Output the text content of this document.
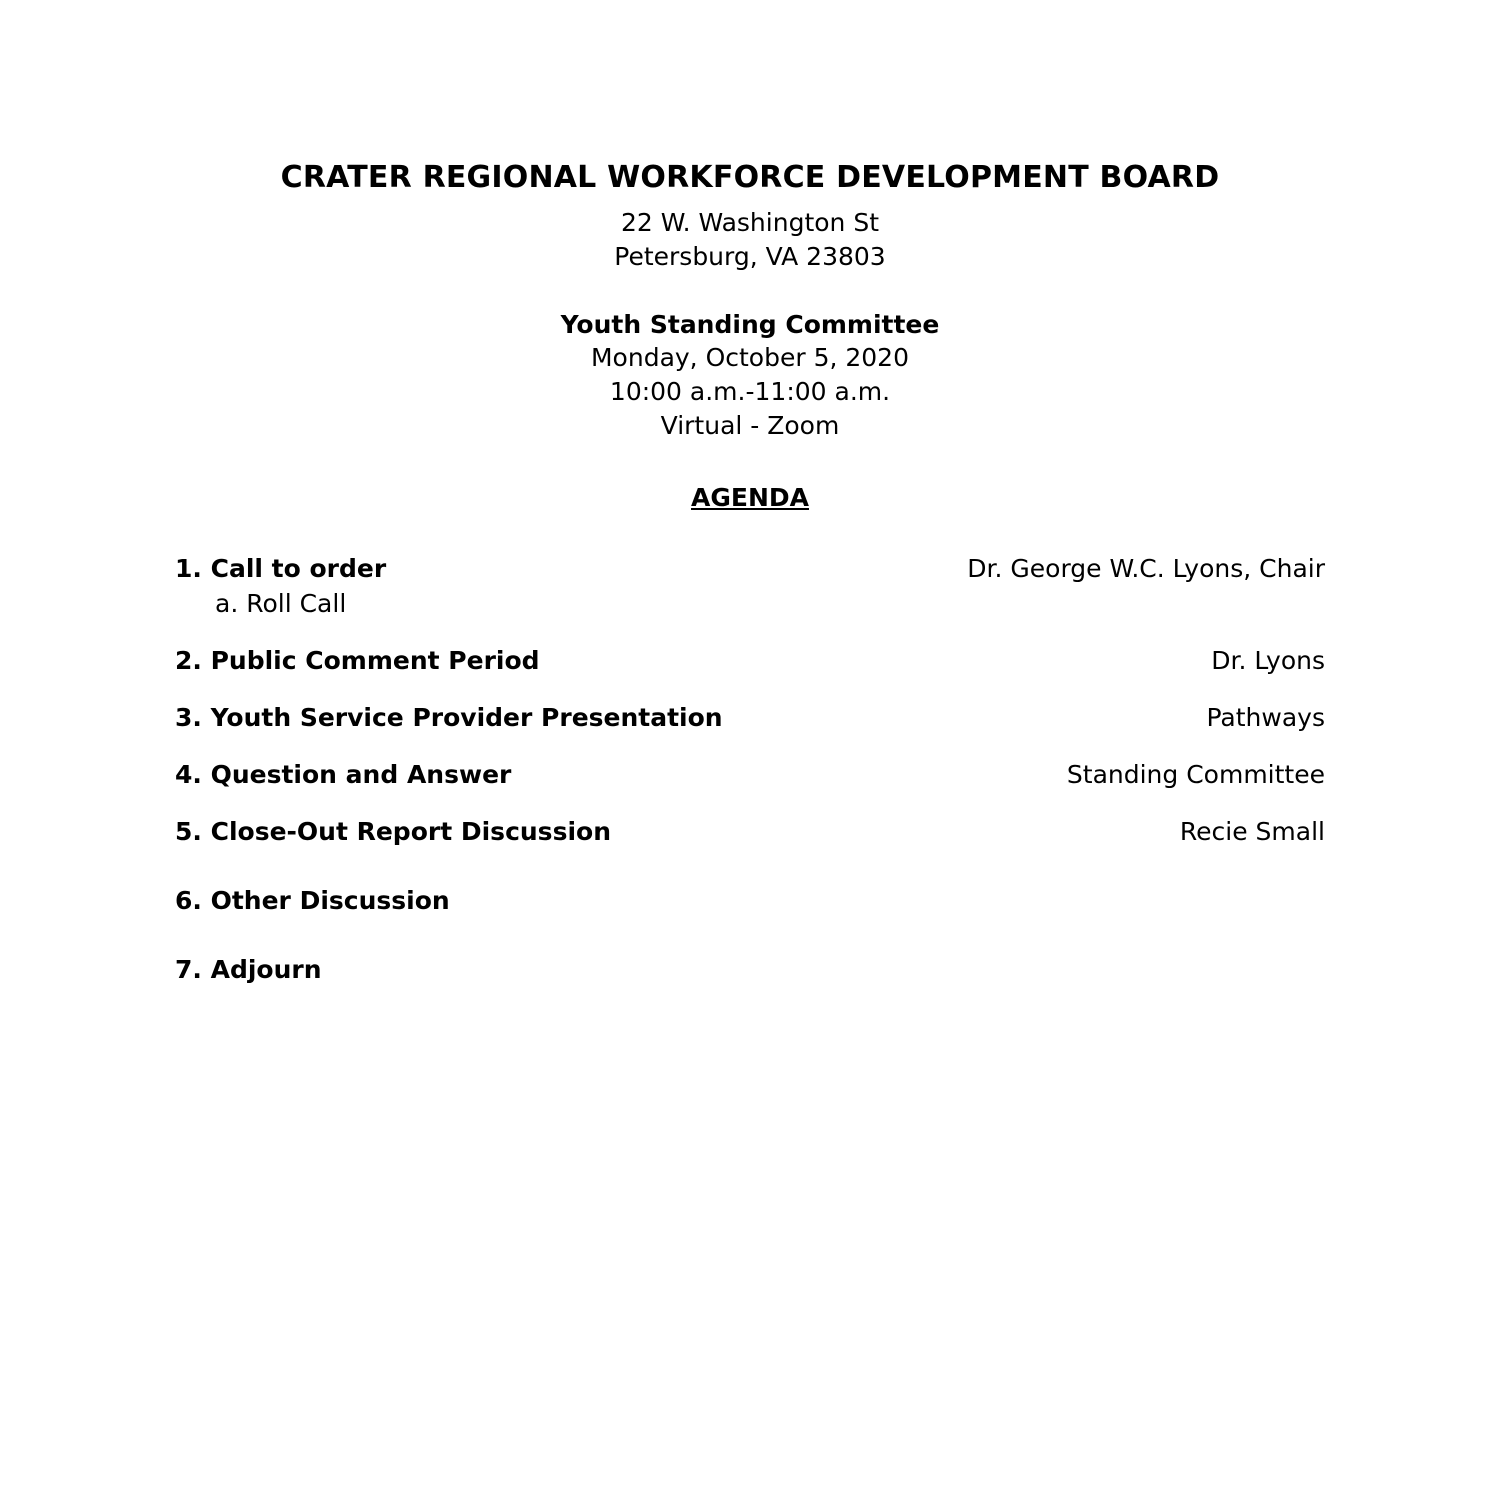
CRATER REGIONAL WORKFORCE DEVELOPMENT BOARD
22 W. Washington St
Petersburg, VA 23803
Youth Standing Committee
Monday, October 5, 2020
10:00 a.m.-11:00 a.m.
Virtual - Zoom
AGENDA
1. Call to order	Dr. George W.C. Lyons, Chair
a. Roll Call
2. Public Comment Period	Dr. Lyons
3. Youth Service Provider Presentation	Pathways
4. Question and Answer	Standing Committee
5. Close-Out Report Discussion	Recie Small
6. Other Discussion
7. Adjourn
